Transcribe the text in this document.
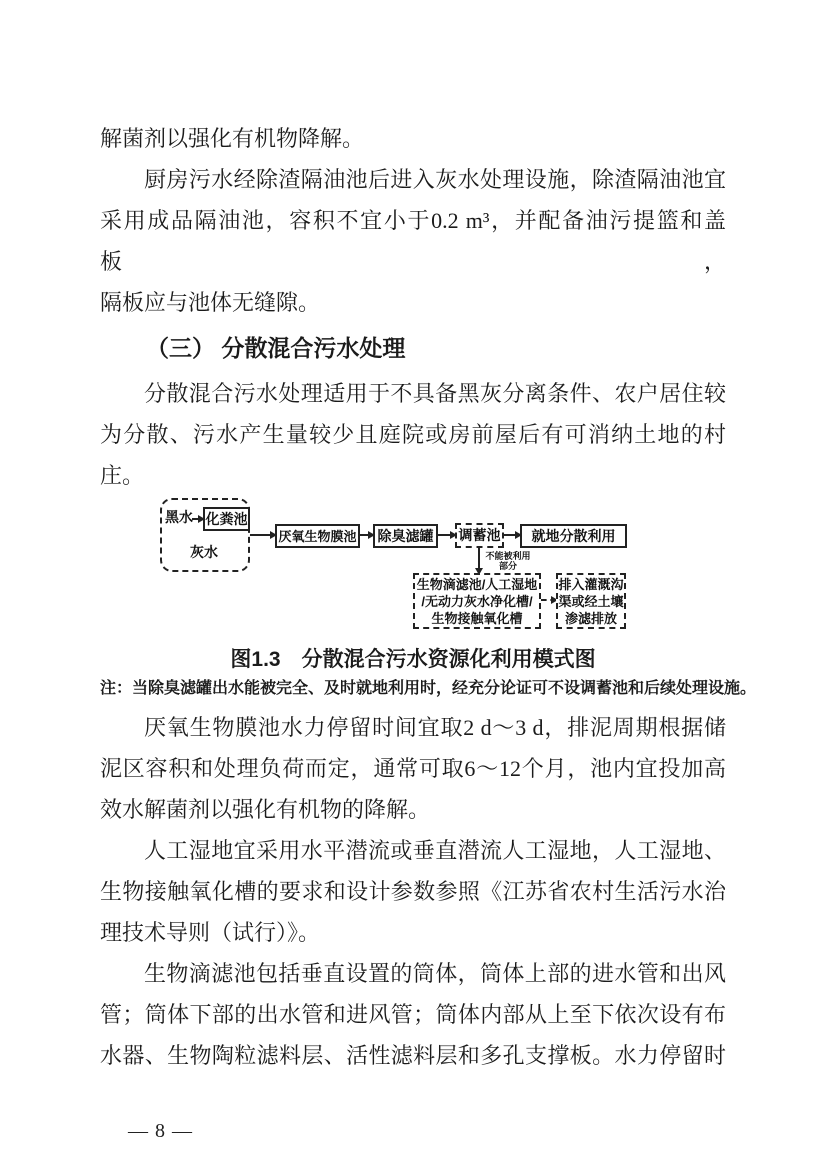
解菌剂以强化有机物降解。
厨房污水经除渣隔油池后进入灰水处理设施，除渣隔油池宜
采用成品隔油池，容积不宜小于0.2 m³，并配备油污提篮和盖板，
隔板应与池体无缝隙。
（三） 分散混合污水处理
分散混合污水处理适用于不具备黑灰分离条件、农户居住较
为分散、污水产生量较少且庭院或房前屋后有可消纳土地的村
庄。
黑水 化粪池
灰水
厌氧生物膜池 除臭滤罐 调蓄池 就地分散利用
不能被利用
部分
生物滴滤池/人工湿地
/无动力灰水净化槽/
生物接触氧化槽
排入灌溉沟
渠或经土壤
渗滤排放
图1.3　分散混合污水资源化利用模式图
注：当除臭滤罐出水能被完全、及时就地利用时，经充分论证可不设调蓄池和后续处理设施。
厌氧生物膜池水力停留时间宜取2 d～3 d，排泥周期根据储
泥区容积和处理负荷而定，通常可取6～12个月，池内宜投加高
效水解菌剂以强化有机物的降解。
人工湿地宜采用水平潜流或垂直潜流人工湿地，人工湿地、
生物接触氧化槽的要求和设计参数参照《江苏省农村生活污水治
理技术导则（试行）》。
生物滴滤池包括垂直设置的筒体，筒体上部的进水管和出风
管；筒体下部的出水管和进风管；筒体内部从上至下依次设有布
水器、生物陶粒滤料层、活性滤料层和多孔支撑板。水力停留时
— 8 —
